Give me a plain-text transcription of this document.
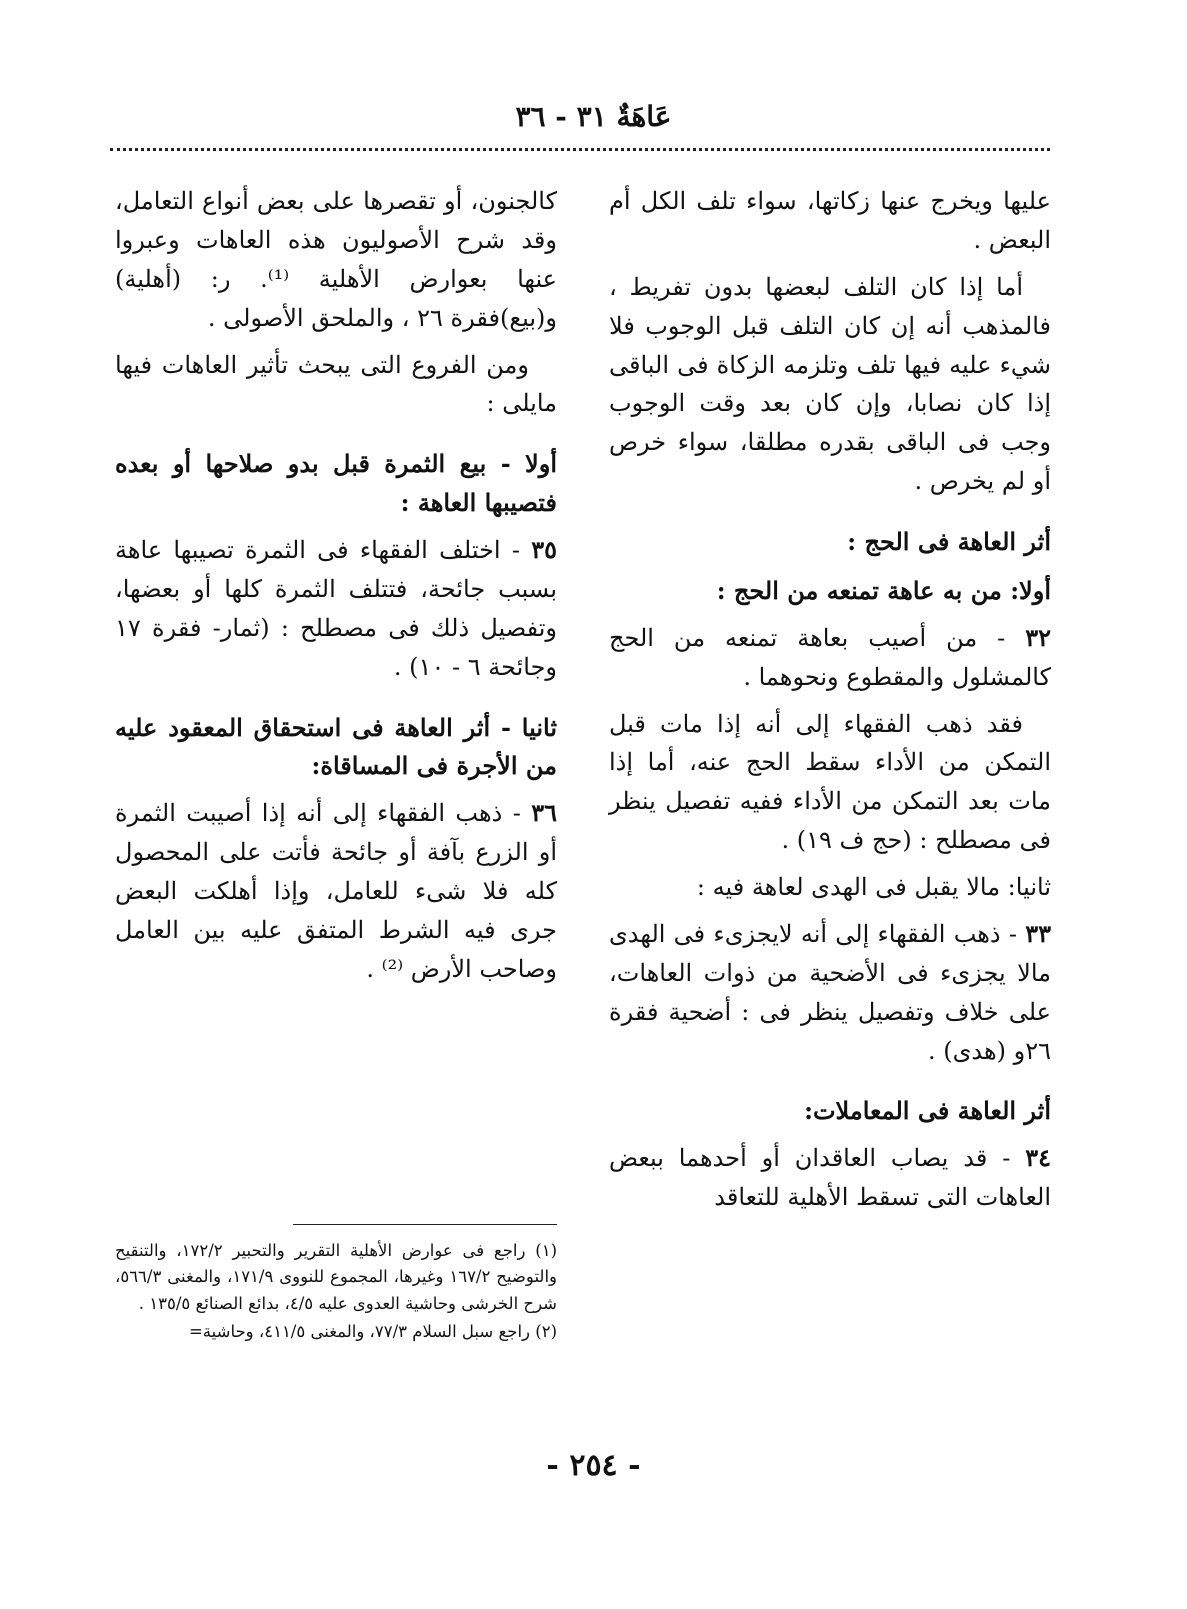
عَاهَةٌ ٣١ - ٣٦

عليها ويخرج عنها زكاتها، سواء تلف الكل أم البعض .

أما إذا كان التلف لبعضها بدون تفريط ، فالمذهب أنه إن كان التلف قبل الوجوب فلا شيء عليه فيها تلف وتلزمه الزكاة فى الباقى إذا كان نصابا، وإن كان بعد وقت الوجوب وجب فى الباقى بقدره مطلقا، سواء خرص أو لم يخرص .

أثر العاهة فى الحج :

أولا: من به عاهة تمنعه من الحج :

٣٢ - من أصيب بعاهة تمنعه من الحج كالمشلول والمقطوع ونحوهما .

فقد ذهب الفقهاء إلى أنه إذا مات قبل التمكن من الأداء سقط الحج عنه، أما إذا مات بعد التمكن من الأداء ففيه تفصيل ينظر فى مصطلح : (حج ف ١٩) .

ثانيا: مالا يقبل فى الهدى لعاهة فيه :

٣٣ - ذهب الفقهاء إلى أنه لايجزىء فى الهدى مالا يجزىء فى الأضحية من ذوات العاهات، على خلاف وتفصيل ينظر فى : أضحية فقرة ٢٦و (هدى) .

أثر العاهة فى المعاملات:

٣٤ - قد يصاب العاقدان أو أحدهما ببعض العاهات التى تسقط الأهلية للتعاقد

كالجنون، أو تقصرها على بعض أنواع التعامل، وقد شرح الأصوليون هذه العاهات وعبروا عنها بعوارض الأهلية ⁽¹⁾. ر: (أهلية) و(بيع)فقرة ٢٦ ، والملحق الأصولى .

ومن الفروع التى يبحث تأثير العاهات فيها مايلى :

أولا - بيع الثمرة قبل بدو صلاحها أو بعده فتصيبها العاهة :

٣٥ - اختلف الفقهاء فى الثمرة تصيبها عاهة بسبب جائحة، فتتلف الثمرة كلها أو بعضها، وتفصيل ذلك فى مصطلح : (ثمار- فقرة ١٧ وجائحة ٦ - ١٠) .

ثانيا - أثر العاهة فى استحقاق المعقود عليه من الأجرة فى المساقاة:

٣٦ - ذهب الفقهاء إلى أنه إذا أصيبت الثمرة أو الزرع بآفة أو جائحة فأتت على المحصول كله فلا شىء للعامل، وإذا أهلكت البعض جرى فيه الشرط المتفق عليه بين العامل وصاحب الأرض ⁽²⁾ .

(١) راجع فى عوارض الأهلية التقرير والتحبير ١٧٢/٢، والتنقيح والتوضيح ١٦٧/٢ وغيرها، المجموع للنووى ١٧١/٩، والمغنى ٥٦٦/٣، شرح الخرشى وحاشية العدوى عليه ٤/٥، بدائع الصنائع ١٣٥/٥ .

(٢) راجع سبل السلام ٧٧/٣، والمغنى ٤١١/٥، وحاشية=

- ٢٥٤ -
